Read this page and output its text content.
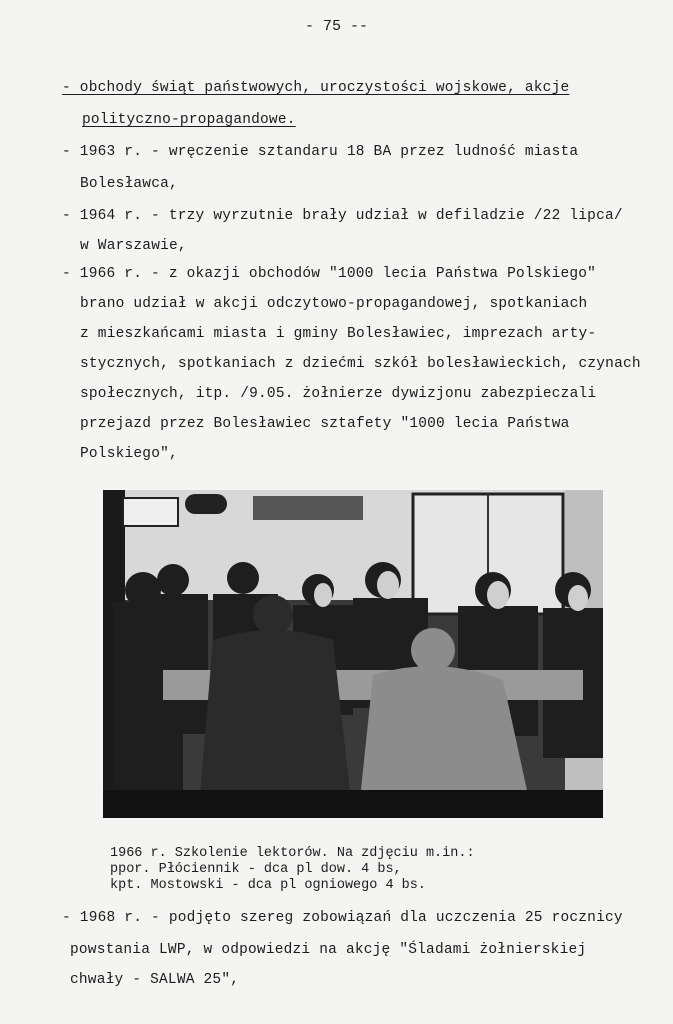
- 75 --
- obchody świąt państwowych, uroczystości wojskowe, akcje
polityczno-propagandowe.
- 1963 r. - wręczenie sztandaru 18 BA przez ludność miasta
Bolesławca,
- 1964 r. - trzy wyrzutnie brały udział w defiladzie /22 lipca/
w Warszawie,
- 1966 r. - z okazji obchodów "1000 lecia Państwa Polskiego"
brano udział w akcji odczytowo-propagandowej, spotkaniach
z mieszkańcami miasta i gminy Bolesławiec, imprezach arty-
stycznych, spotkaniach z dziećmi szkół bolesławieckich, czynach
społecznych, itp. /9.05. żołnierze dywizjonu zabezpieczali
przejazd przez Bolesławiec sztafety "1000 lecia Państwa
Polskiego",
1966 r. Szkolenie lektorów. Na zdjęciu m.in.:
ppor. Płóciennik - dca pl dow. 4 bs,
kpt. Mostowski - dca pl ogniowego 4 bs.
- 1968 r. - podjęto szereg zobowiązań dla uczczenia 25 rocznicy
powstania LWP, w odpowiedzi na akcję "Śladami żołnierskiej
chwały - SALWA 25",
